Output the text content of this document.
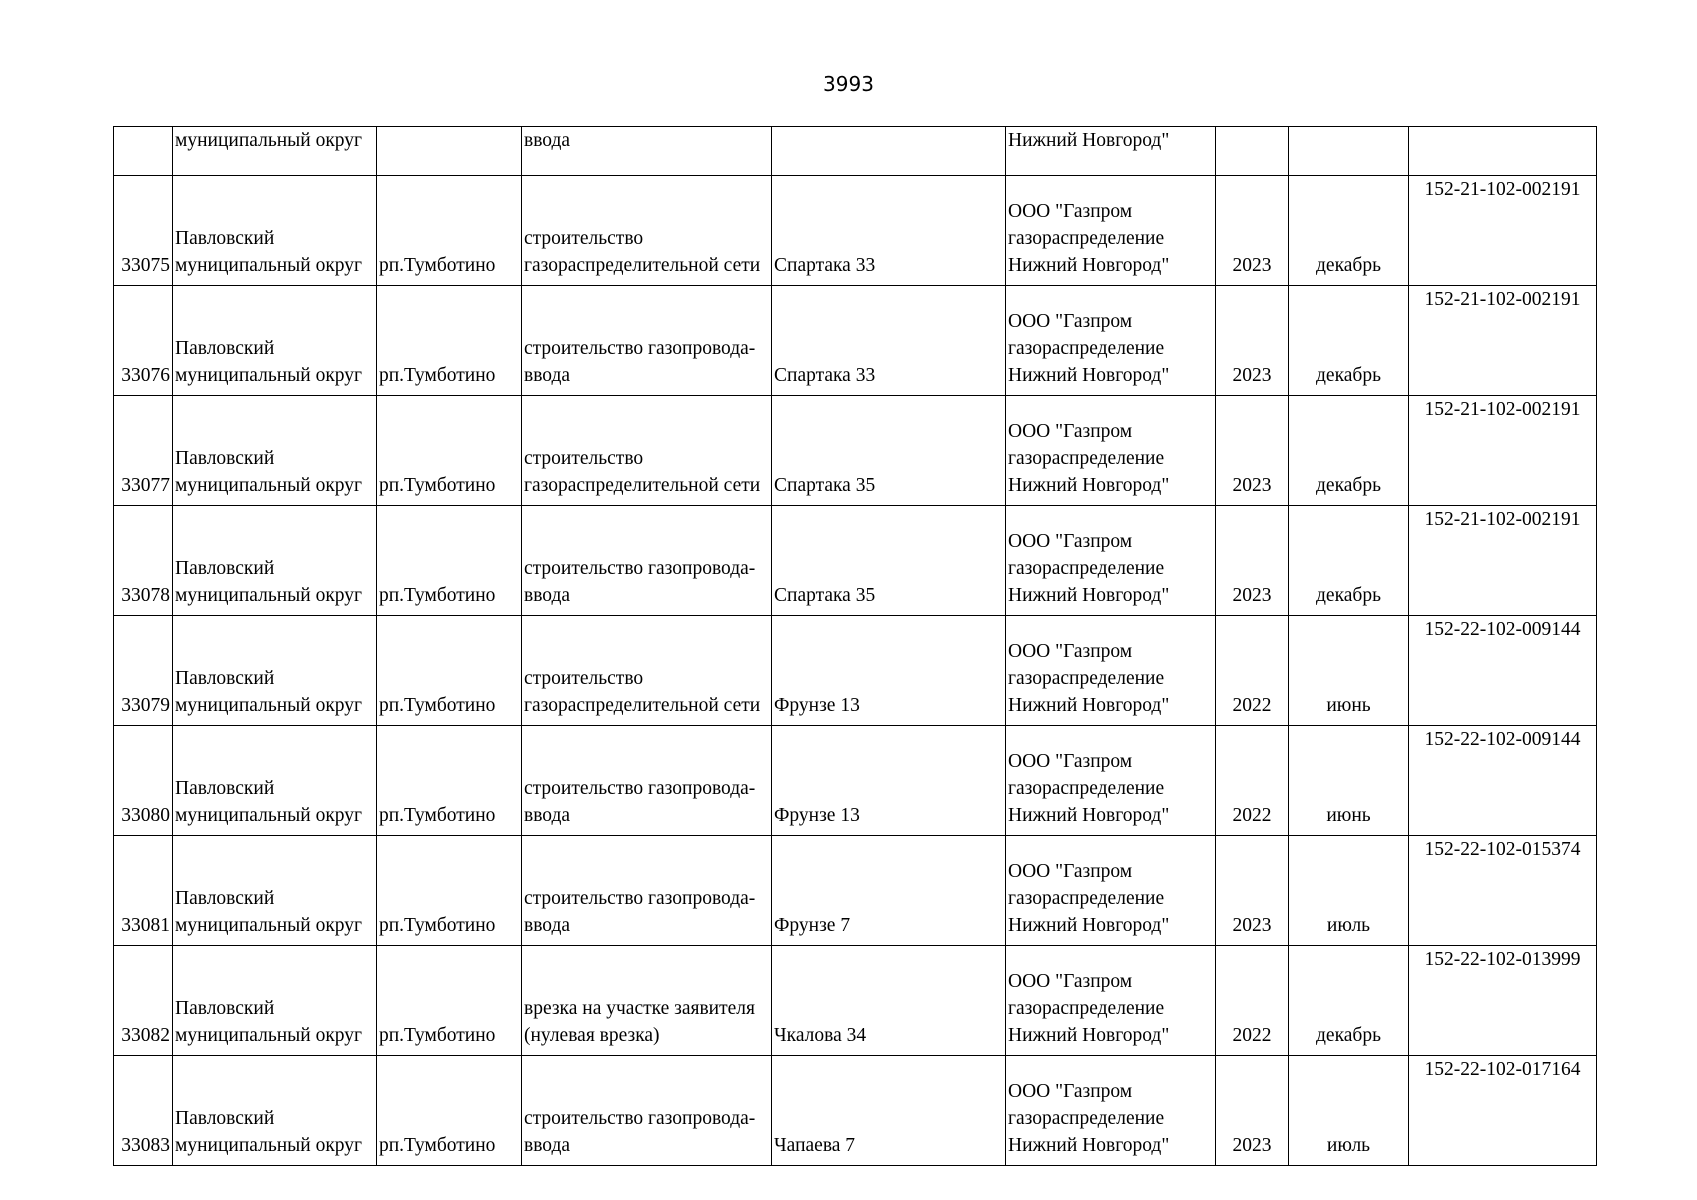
3993
	муниципальный округ		ввода		Нижний Новгород"			

33075	Павловский
муниципальный округ	рп.Тумботино	строительство
газораспределительной сети	Спартака 33	ООО "Газпром
газораспределение
Нижний Новгород"	2023	декабрь	152-21-102-002191

33076	Павловский
муниципальный округ	рп.Тумботино	строительство газопровода-
ввода	Спартака 33	ООО "Газпром
газораспределение
Нижний Новгород"	2023	декабрь	152-21-102-002191

33077	Павловский
муниципальный округ	рп.Тумботино	строительство
газораспределительной сети	Спартака 35	ООО "Газпром
газораспределение
Нижний Новгород"	2023	декабрь	152-21-102-002191

33078	Павловский
муниципальный округ	рп.Тумботино	строительство газопровода-
ввода	Спартака 35	ООО "Газпром
газораспределение
Нижний Новгород"	2023	декабрь	152-21-102-002191

33079	Павловский
муниципальный округ	рп.Тумботино	строительство
газораспределительной сети	Фрунзе 13	ООО "Газпром
газораспределение
Нижний Новгород"	2022	июнь	152-22-102-009144

33080	Павловский
муниципальный округ	рп.Тумботино	строительство газопровода-
ввода	Фрунзе 13	ООО "Газпром
газораспределение
Нижний Новгород"	2022	июнь	152-22-102-009144

33081	Павловский
муниципальный округ	рп.Тумботино	строительство газопровода-
ввода	Фрунзе 7	ООО "Газпром
газораспределение
Нижний Новгород"	2023	июль	152-22-102-015374

33082	Павловский
муниципальный округ	рп.Тумботино	врезка на участке заявителя
(нулевая врезка)	Чкалова 34	ООО "Газпром
газораспределение
Нижний Новгород"	2022	декабрь	152-22-102-013999

33083	Павловский
муниципальный округ	рп.Тумботино	строительство газопровода-
ввода	Чапаева 7	ООО "Газпром
газораспределение
Нижний Новгород"	2023	июль	152-22-102-017164
